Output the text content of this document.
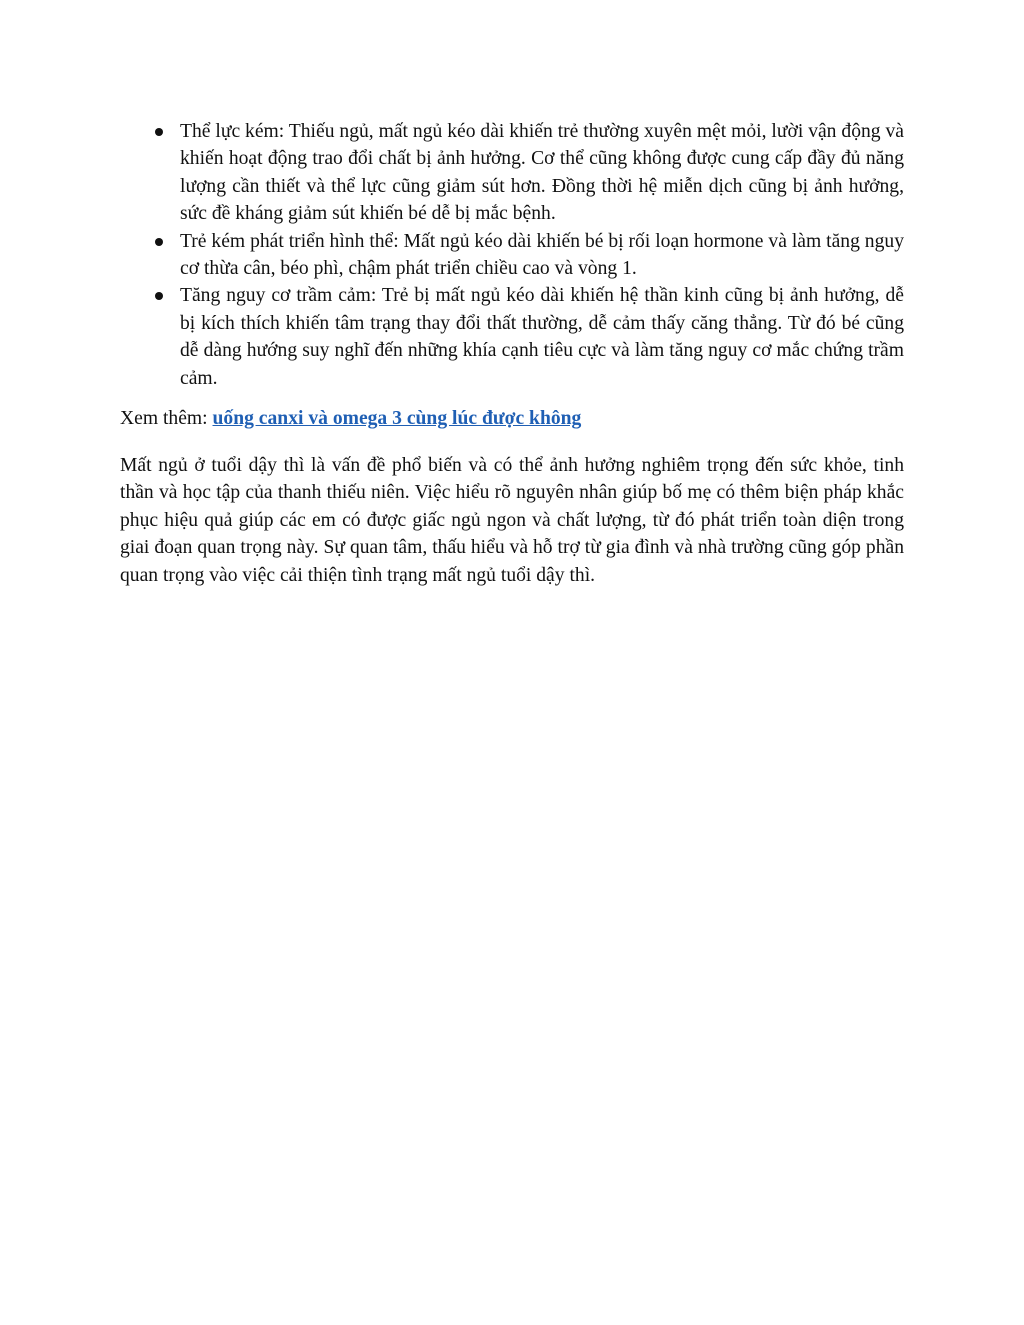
Thể lực kém: Thiếu ngủ, mất ngủ kéo dài khiến trẻ thường xuyên mệt mỏi, lười vận động và khiến hoạt động trao đổi chất bị ảnh hưởng. Cơ thể cũng không được cung cấp đầy đủ năng lượng cần thiết và thể lực cũng giảm sút hơn. Đồng thời hệ miễn dịch cũng bị ảnh hưởng, sức đề kháng giảm sút khiến bé dễ bị mắc bệnh.
Trẻ kém phát triển hình thể: Mất ngủ kéo dài khiến bé bị rối loạn hormone và làm tăng nguy cơ thừa cân, béo phì, chậm phát triển chiều cao và vòng 1.
Tăng nguy cơ trầm cảm: Trẻ bị mất ngủ kéo dài khiến hệ thần kinh cũng bị ảnh hưởng, dễ bị kích thích khiến tâm trạng thay đổi thất thường, dễ cảm thấy căng thẳng. Từ đó bé cũng dễ dàng hướng suy nghĩ đến những khía cạnh tiêu cực và làm tăng nguy cơ mắc chứng trầm cảm.

Xem thêm: uống canxi và omega 3 cùng lúc được không

Mất ngủ ở tuổi dậy thì là vấn đề phổ biến và có thể ảnh hưởng nghiêm trọng đến sức khỏe, tinh thần và học tập của thanh thiếu niên. Việc hiểu rõ nguyên nhân giúp bố mẹ có thêm biện pháp khắc phục hiệu quả giúp các em có được giấc ngủ ngon và chất lượng, từ đó phát triển toàn diện trong giai đoạn quan trọng này. Sự quan tâm, thấu hiểu và hỗ trợ từ gia đình và nhà trường cũng góp phần quan trọng vào việc cải thiện tình trạng mất ngủ tuổi dậy thì.
